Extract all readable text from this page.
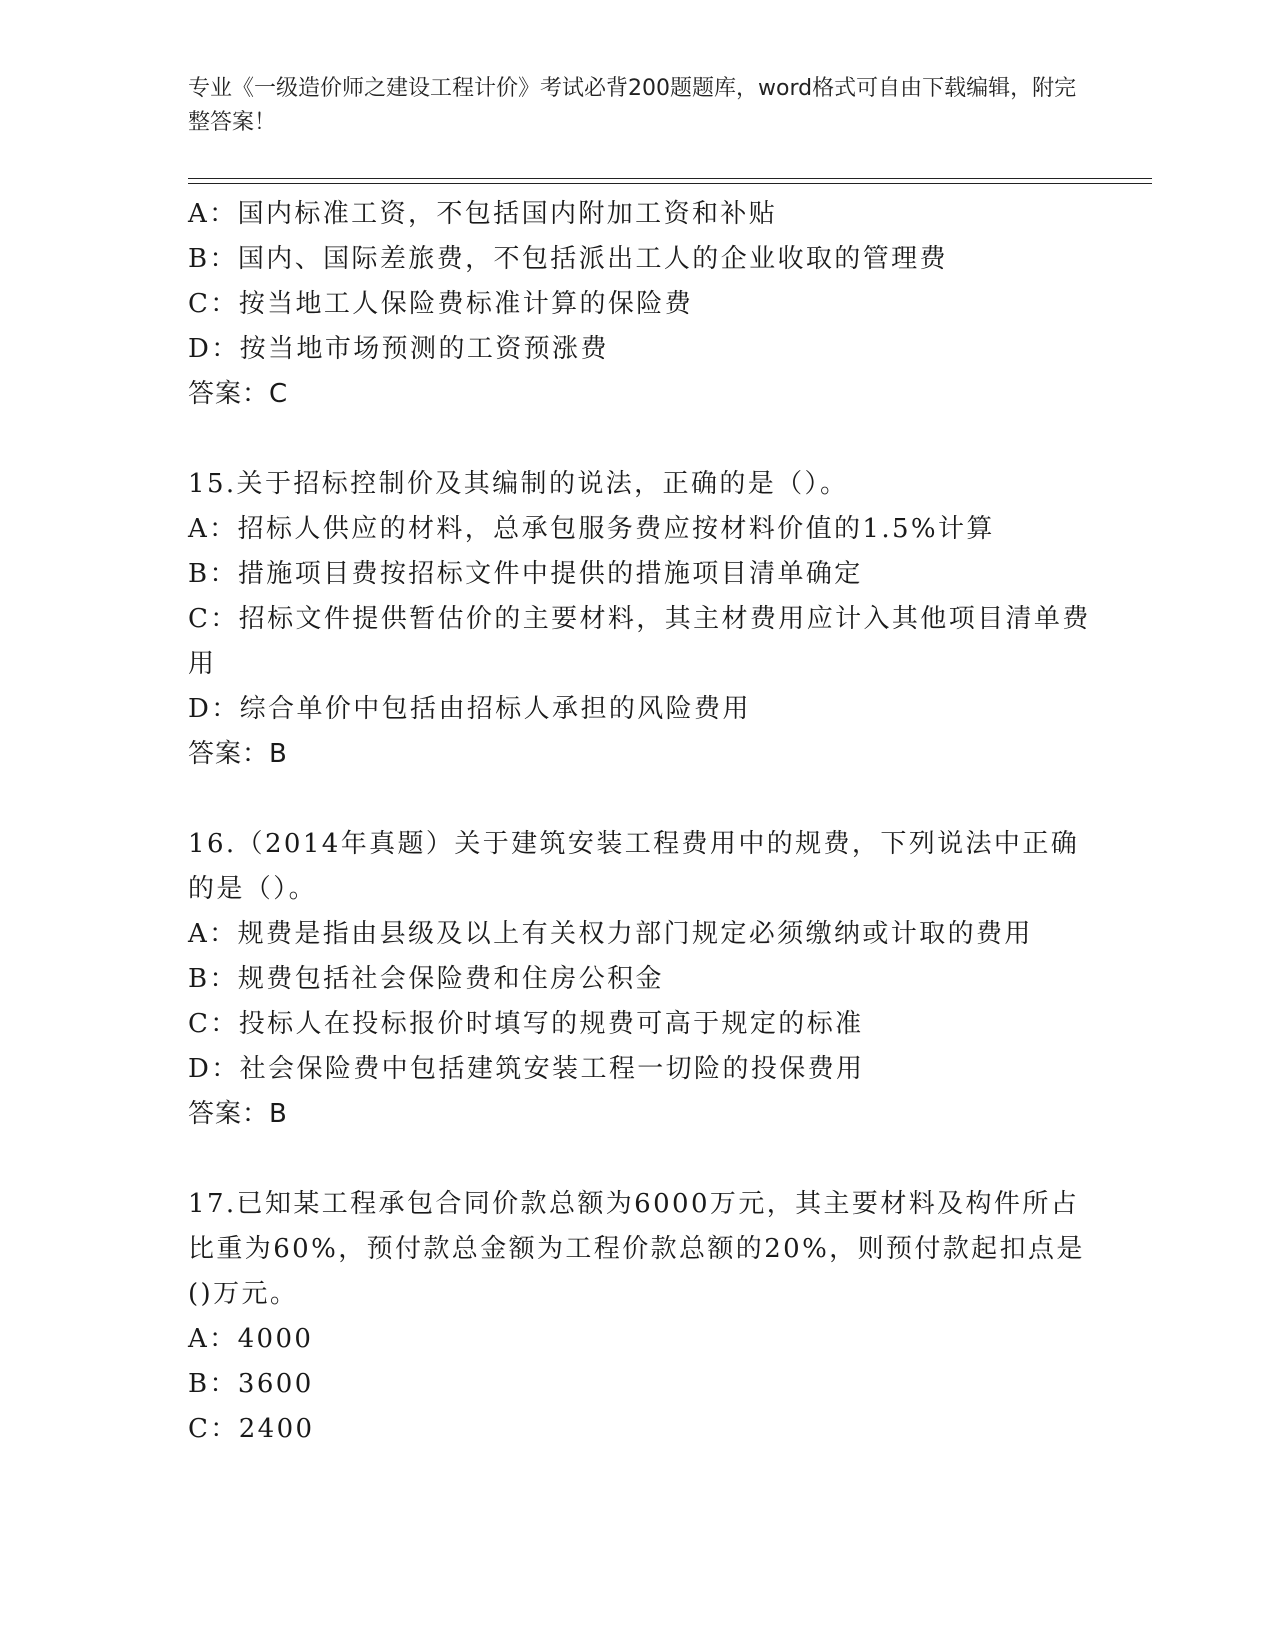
专业《一级造价师之建设工程计价》考试必背200题题库，word格式可自由下载编辑，附完整答案！
A：国内标准工资，不包括国内附加工资和补贴
B：国内、国际差旅费，不包括派出工人的企业收取的管理费
C：按当地工人保险费标准计算的保险费
D：按当地市场预测的工资预涨费
答案：C
15.关于招标控制价及其编制的说法，正确的是（）。
A：招标人供应的材料，总承包服务费应按材料价值的1.5%计算
B：措施项目费按招标文件中提供的措施项目清单确定
C：招标文件提供暂估价的主要材料，其主材费用应计入其他项目清单费用
D：综合单价中包括由招标人承担的风险费用
答案：B
16.（2014年真题）关于建筑安装工程费用中的规费，下列说法中正确的是（）。
A：规费是指由县级及以上有关权力部门规定必须缴纳或计取的费用
B：规费包括社会保险费和住房公积金
C：投标人在投标报价时填写的规费可高于规定的标准
D：社会保险费中包括建筑安装工程一切险的投保费用
答案：B
17.已知某工程承包合同价款总额为6000万元，其主要材料及构件所占比重为60%，预付款总金额为工程价款总额的20%，则预付款起扣点是()万元。
A：4000
B：3600
C：2400
